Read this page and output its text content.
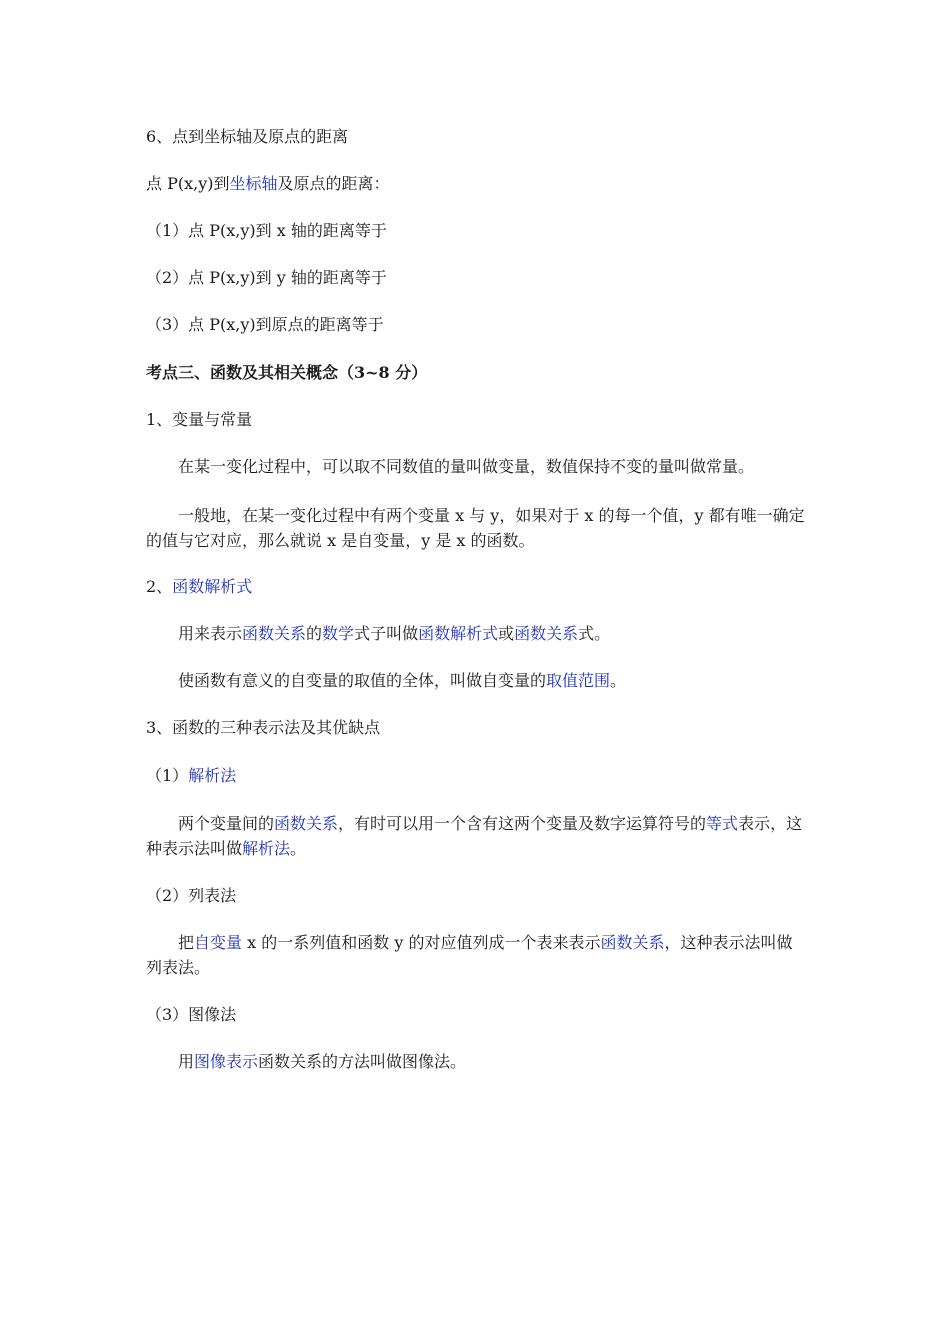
6、点到坐标轴及原点的距离

点 P(x,y)到坐标轴及原点的距离：

（1）点 P(x,y)到 x 轴的距离等于

（2）点 P(x,y)到 y 轴的距离等于

（3）点 P(x,y)到原点的距离等于

考点三、函数及其相关概念（3~8 分）

1、变量与常量

在某一变化过程中，可以取不同数值的量叫做变量，数值保持不变的量叫做常量。

一般地，在某一变化过程中有两个变量 x 与 y，如果对于 x 的每一个值，y 都有唯一确定的值与它对应，那么就说 x 是自变量，y 是 x 的函数。

2、函数解析式

用来表示函数关系的数学式子叫做函数解析式或函数关系式。

使函数有意义的自变量的取值的全体，叫做自变量的取值范围。

3、函数的三种表示法及其优缺点

（1）解析法

两个变量间的函数关系，有时可以用一个含有这两个变量及数字运算符号的等式表示，这种表示法叫做解析法。

（2）列表法

把自变量 x 的一系列值和函数 y 的对应值列成一个表来表示函数关系，这种表示法叫做列表法。

（3）图像法

用图像表示函数关系的方法叫做图像法。
